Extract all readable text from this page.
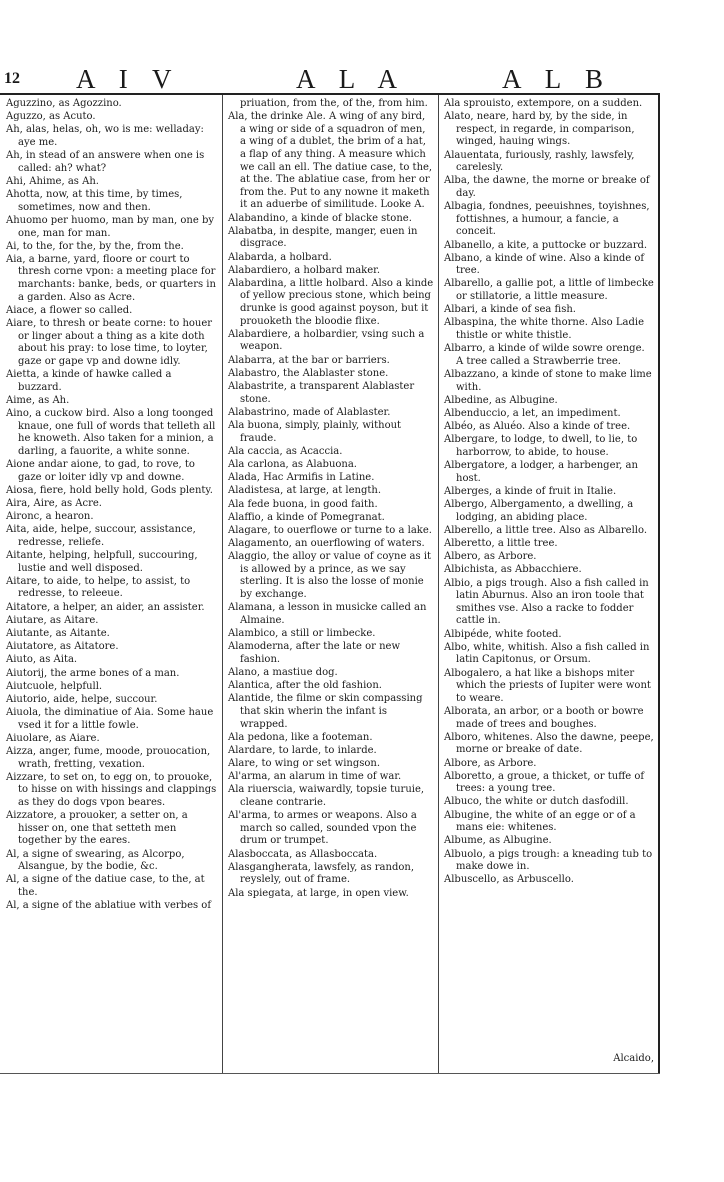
12 A I V	A L A	A L B

Aguzzino, as Agozzino.

Aguzzo, as Acuto.

Ah, alas, helas, oh, wo is me: welladay: aye me.

Ah, in stead of an answere when one is called: ah? what?

Ahi, Ahime, as Ah.

Ahotta, now, at this time, by times, sometimes, now and then.

Ahuomo per huomo, man by man, one by one, man for man.

Ai, to the, for the, by the, from the.

Aia, a barne, yard, floore or court to thresh corne vpon: a meeting place for marchants: banke, beds, or quarters in a garden. Also as Acre.

Aiace, a flower so called.

Aiare, to thresh or beate corne: to houer or linger about a thing as a kite doth about his pray: to lose time, to loyter, gaze or gape vp and downe idly.

Aietta, a kinde of hawke called a buzzard.

Aime, as Ah.

Aino, a cuckow bird. Also a long toonged knaue, one full of words that telleth all he knoweth. Also taken for a minion, a darling, a fauorite, a white sonne.

Aione andar aione, to gad, to rove, to gaze or loiter idly vp and downe.

Aiosa, fiere, hold belly hold, Gods plenty.

Aira, Aire, as Acre.

Aironc, a hearon.

Aita, aide, helpe, succour, assistance, redresse, reliefe.

Aitante, helping, helpfull, succouring, lustie and well disposed.

Aitare, to aide, to helpe, to assist, to redresse, to releeue.

Aitatore, a helper, an aider, an assister.

Aiutare, as Aitare.

Aiutante, as Aitante.

Aiutatore, as Aitatore.

Aiuto, as Aita.

Aiutorij, the arme bones of a man.

Aiutcuole, helpfull.

Aiutorio, aide, helpe, succour.

Aiuola, the diminatiue of Aia. Some haue vsed it for a little fowle.

Aiuolare, as Aiare.

Aizza, anger, fume, moode, prouocation, wrath, fretting, vexation.

Aizzare, to set on, to egg on, to prouoke, to hisse on with hissings and clappings as they do dogs vpon beares.

Aizzatore, a prouoker, a setter on, a hisser on, one that setteth men together by the eares.

Al, a signe of swearing, as Alcorpo, Alsangue, by the bodie, &c.

Al, a signe of the datiue case, to the, at the.

Al, a signe of the ablatiue with verbes of

priuation, from the, of the, from him.

Ala, the drinke Ale. A wing of any bird, a wing or side of a squadron of men, a wing of a dublet, the brim of a hat, a flap of any thing. A measure which we call an ell. The datiue case, to the, at the. The ablatiue case, from her or from the. Put to any nowne it maketh it an aduerbe of similitude. Looke A.

Alabandino, a kinde of blacke stone.

Alabatba, in despite, manger, euen in disgrace.

Alabarda, a holbard.

Alabardiero, a holbard maker.

Alabardina, a little holbard. Also a kinde of yellow precious stone, which being drunke is good against poyson, but it prouoketh the bloodie flixe.

Alabardiere, a holbardier, vsing such a weapon.

Alabarra, at the bar or barriers.

Alabastro, the Alablaster stone.

Alabastrite, a transparent Alablaster stone.

Alabastrino, made of Alablaster.

Ala buona, simply, plainly, without fraude.

Ala caccia, as Acaccia.

Ala carlona, as Alabuona.

Alada, Hac Armifis in Latine.

Aladistesa, at large, at length.

Ala fede buona, in good faith.

Alaffio, a kinde of Pomegranat.

Alagare, to ouerflowe or turne to a lake.

Alagamento, an ouerflowing of waters.

Alaggio, the alloy or value of coyne as it is allowed by a prince, as we say sterling. It is also the losse of monie by exchange.

Alamana, a lesson in musicke called an Almaine.

Alambico, a still or limbecke.

Alamoderna, after the late or new fashion.

Alano, a mastiue dog.

Alantica, after the old fashion.

Alantide, the filme or skin compassing that skin wherin the infant is wrapped.

Ala pedona, like a footeman.

Alardare, to larde, to inlarde.

Alare, to wing or set wingson.

Al'arma, an alarum in time of war.

Ala riuerscia, waiwardly, topsie turuie, cleane contrarie.

Al'arma, to armes or weapons. Also a march so called, sounded vpon the drum or trumpet.

Alasboccata, as Allasboccata.

Alasgangherata, lawsfely, as randon, reyslely, out of frame.

Ala spiegata, at large, in open view.

Ala sprouisto, extempore, on a sudden.

Alato, neare, hard by, by the side, in respect, in regarde, in comparison, winged, hauing wings.

Alauentata, furiously, rashly, lawsfely, carelesly.

Alba, the dawne, the morne or breake of day.

Albagia, fondnes, peeuishnes, toyishnes, fottishnes, a humour, a fancie, a conceit.

Albanello, a kite, a puttocke or buzzard.

Albano, a kinde of wine. Also a kinde of tree.

Albarello, a gallie pot, a little of limbecke or stillatorie, a little measure.

Albari, a kinde of sea fish.

Albaspina, the white thorne. Also Ladie thistle or white thistle.

Albarro, a kinde of wilde sowre orenge. A tree called a Strawberrie tree.

Albazzano, a kinde of stone to make lime with.

Albedine, as Albugine.

Albenduccio, a let, an impediment.

Albéo, as Aluéo. Also a kinde of tree.

Albergare, to lodge, to dwell, to lie, to harborrow, to abide, to house.

Albergatore, a lodger, a harbenger, an host.

Alberges, a kinde of fruit in Italie.

Albergo, Albergamento, a dwelling, a lodging, an abiding place.

Alberello, a little tree. Also as Albarello.

Alberetto, a little tree.

Albero, as Arbore.

Albichista, as Abbacchiere.

Albio, a pigs trough. Also a fish called in latin Aburnus. Also an iron toole that smithes vse. Also a racke to fodder cattle in.

Albipéde, white footed.

Albo, white, whitish. Also a fish called in latin Capitonus, or Orsum.

Albogalero, a hat like a bishops miter which the priests of Iupiter were wont to weare.

Alborata, an arbor, or a booth or bowre made of trees and boughes.

Alboro, whitenes. Also the dawne, peepe, morne or breake of date.

Albore, as Arbore.

Alboretto, a groue, a thicket, or tuffe of trees: a young tree.

Albuco, the white or dutch dasfodill.

Albugine, the white of an egge or of a mans eie: whitenes.

Albume, as Albugine.

Albuolo, a pigs trough: a kneading tub to make dowe in.

Albuscello, as Arbuscello.

Alcaido,
